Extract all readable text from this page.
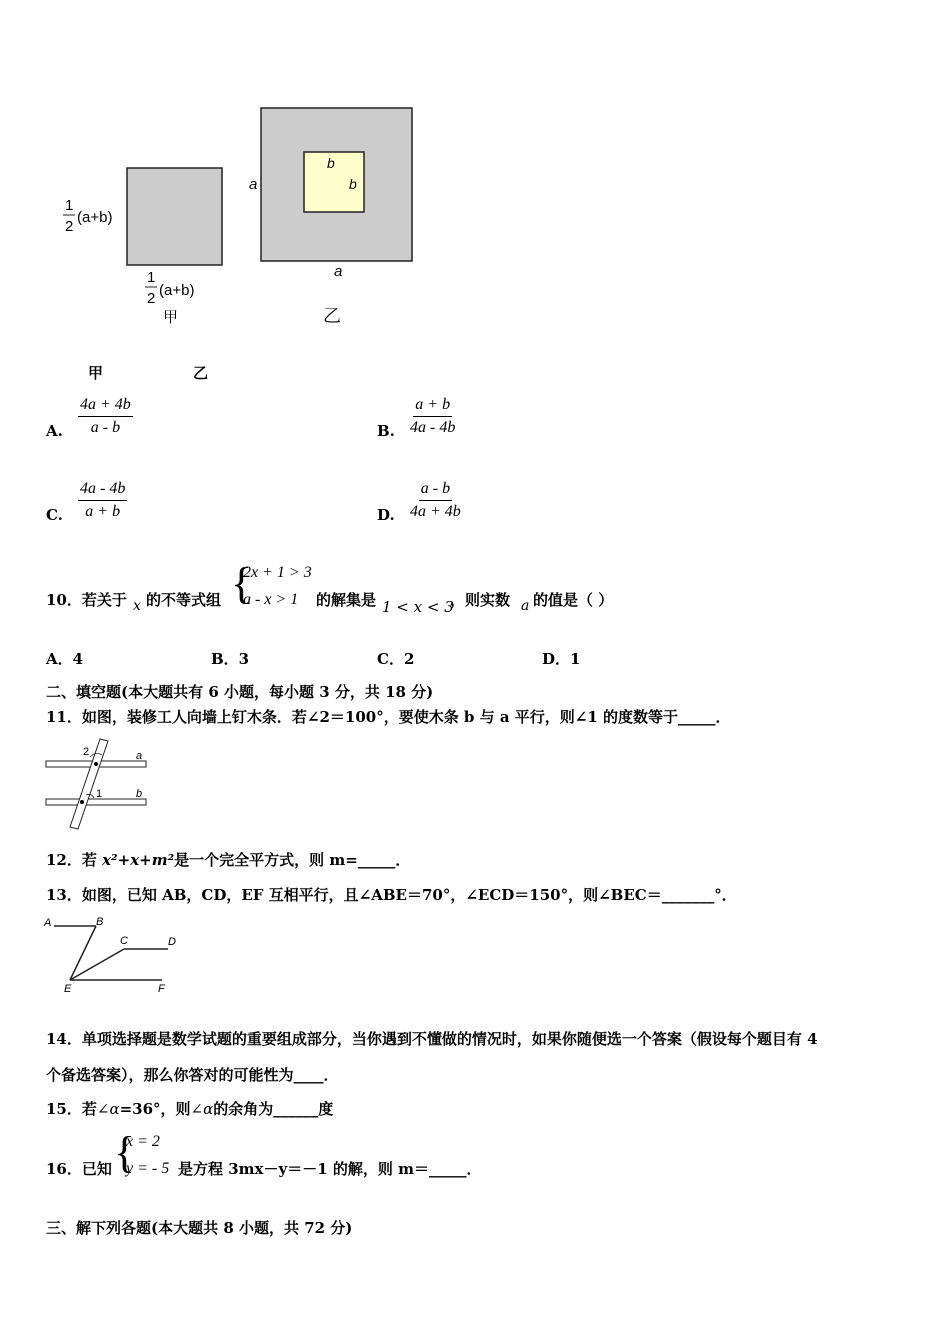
1
2
(a+b)
1
2 (a+b)
甲
a
a
b
b
乙
甲	乙
A. $\frac{4a + 4b}{a - b}$	B. $\frac{a + b}{4a - 4b}$
C. $\frac{4a - 4b}{a + b}$	D. $\frac{a - b}{4a + 4b}$
10．若关于 x 的不等式组 {
2x + 1 > 3
a - x > 1 的解集是 1 < x < 3
，则实数 a 的值是（ ）
A．4	B．3	C．2	D．1
二、填空题(本大题共有 6 小题，每小题 3 分，共 18 分)
11．如图，装修工人向墙上钉木条．若∠2＝100°，要使木条 b 与 a 平行，则∠1 的度数等于_____．
2
1
a
b
12．若 x²+x+m²是一个完全平方式，则 m=_____．
13．如图，已知 AB，CD，EF 互相平行，且∠ABE＝70°，∠ECD＝150°，则∠BEC＝_______°．
A	B
C	D
E	F
14．单项选择题是数学试题的重要组成部分，当你遇到不懂做的情况时，如果你随便选一个答案（假设每个题目有 4
个备选答案），那么你答对的可能性为____．
15．若∠α=36°，则∠α的余角为______度
16．已知 {
x = 2
y = - 5 是方程 3mx－y＝－1 的解，则 m＝_____．
三、解下列各题(本大题共 8 小题，共 72 分)
